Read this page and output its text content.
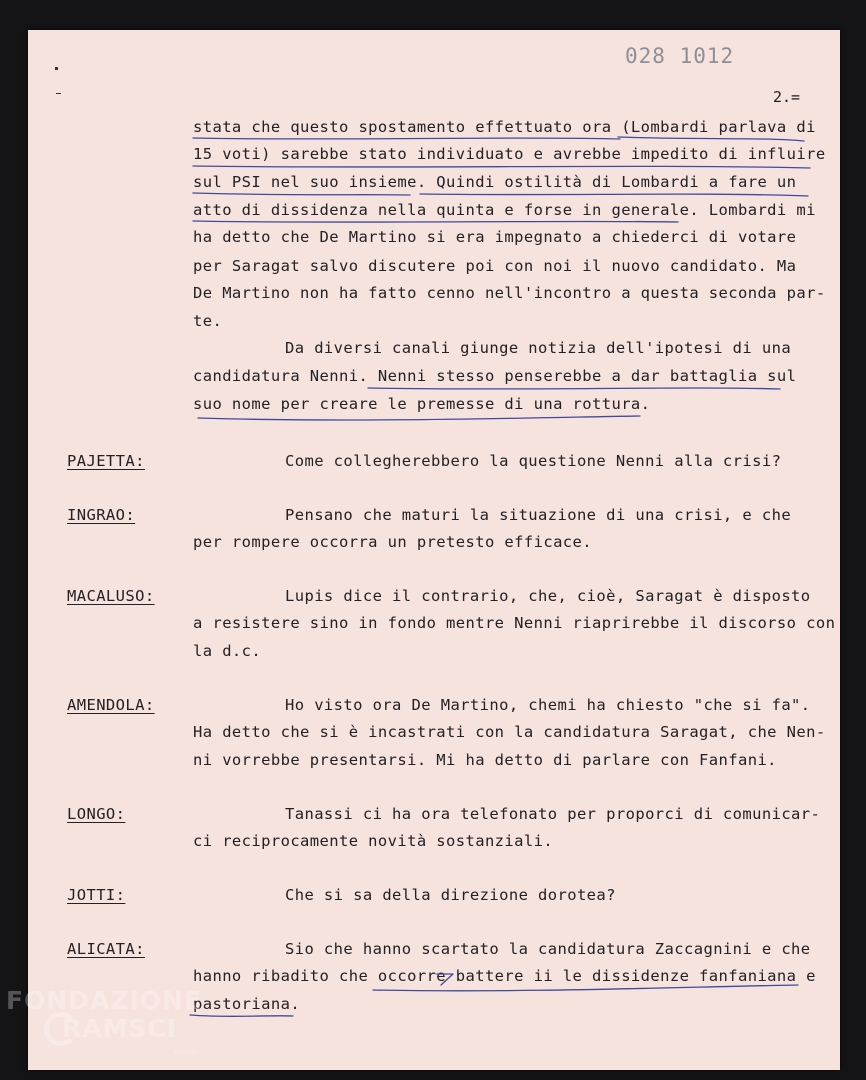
028 1012
2.=
stata che questo spostamento effettuato ora (Lombardi parlava di
15 voti) sarebbe stato individuato e avrebbe impedito di influire
sul PSI nel suo insieme. Quindi ostilità di Lombardi a fare un
atto di dissidenza nella quinta e forse in generale. Lombardi mi
ha detto che De Martino si era impegnato a chiederci di votare
per Saragat salvo discutere poi con noi il nuovo candidato. Ma
De Martino non ha fatto cenno nell'incontro a questa seconda par-
te.
Da diversi canali giunge notizia dell'ipotesi di una
candidatura Nenni. Nenni stesso penserebbe a dar battaglia sul
suo nome per creare le premesse di una rottura.
PAJETTA:	Come collegherebbero la questione Nenni alla crisi?
INGRAO:	Pensano che maturi la situazione di una crisi, e che
per rompere occorra un pretesto efficace.
MACALUSO:	Lupis dice il contrario, che, cioè, Saragat è disposto
a resistere sino in fondo mentre Nenni riaprirebbe il discorso con
la d.c.
AMENDOLA:	Ho visto ora De Martino, chemi ha chiesto "che si fa".
Ha detto che si è incastrati con la candidatura Saragat, che Nen-
ni vorrebbe presentarsi. Mi ha detto di parlare con Fanfani.
LONGO:	Tanassi ci ha ora telefonato per proporci di comunicar-
ci reciprocamente novità sostanziali.
JOTTI:	Che si sa della direzione dorotea?
ALICATA:	Sio che hanno scartato la candidatura Zaccagnini e che
hanno ribadito che occorre battere ii le dissidenze fanfaniana e
pastoriana.
FONDAZIONE
RAMSCI
onlus
